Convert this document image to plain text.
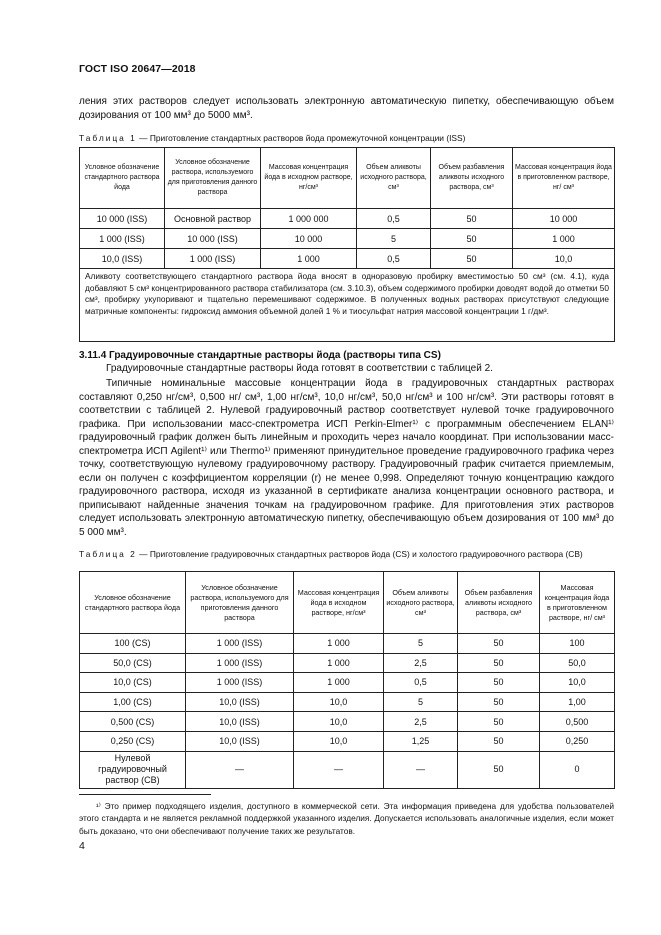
ГОСТ ISO 20647—2018
ления этих растворов следует использовать электронную автоматическую пипетку, обеспечивающую объем дозирования от 100 мм³ до 5000 мм³.
Таблица 1 — Приготовление стандартных растворов йода промежуточной концентрации (ISS)
Условное обозначение стандартного раствора йода	Условное обозначение раствора, используемого для приготовления данного раствора	Массовая концентрация йода в исходном растворе, нг/см³	Объем аликвоты исходного раствора, см³	Объем разбавления аликвоты исходного раствора, см³	Массовая концентрация йода в приготовленном растворе, нг/ см³
10 000 (ISS)	Основной раствор	1 000 000	0,5	50	10 000
1 000 (ISS)	10 000 (ISS)	10 000	5	50	1 000
10,0 (ISS)	1 000 (ISS)	1 000	0,5	50	10,0
Аликвоту соответствующего стандартного раствора йода вносят в одноразовую пробирку вместимостью 50 см³ (см. 4.1), куда добавляют 5 см³ концентрированного раствора стабилизатора (см. 3.10.3), объем содержимого пробирки доводят водой до отметки 50 см³, пробирку укупоривают и тщательно перемешивают содержимое. В полученных водных растворах присутствуют следующие матричные компоненты: гидроксид аммония объемной долей 1 % и тиосульфат натрия массовой концентрации 1 г/дм³.					
3.11.4 Градуировочные стандартные растворы йода (растворы типа CS)
Градуировочные стандартные растворы йода готовят в соответствии с таблицей 2.
Типичные номинальные массовые концентрации йода в градуировочных стандартных растворах составляют 0,250 нг/см³, 0,500 нг/ см³, 1,00 нг/см³, 10,0 нг/см³, 50,0 нг/см³ и 100 нг/см³. Эти растворы готовят в соответствии с таблицей 2. Нулевой градуировочный раствор соответствует нулевой точке градуировочного графика. При использовании масс-спектрометра ИСП Perkin-Elmer¹⁾ с программным обеспечением ELAN¹⁾ градуировочный график должен быть линейным и проходить через начало координат. При использовании масс-спектрометра ИСП Agilent¹⁾ или Thermo¹⁾ применяют принудительное проведение градуировочного графика через точку, соответствующую нулевому градуировочному раствору. Градуировочный график считается приемлемым, если он получен с коэффициентом корреляции (r) не менее 0,998. Определяют точную концентрацию каждого градуировочного раствора, исходя из указанной в сертификате анализа концентрации основного раствора, и приписывают найденные значения точкам на градуировочном графике. Для приготовления этих растворов следует использовать электронную автоматическую пипетку, обеспечивающую объем дозирования от 100 мм³ до 5 000 мм³.
Таблица 2 — Приготовление градуировочных стандартных растворов йода (CS) и холостого градуировочного раствора (CB)
Условное обозначение стандартного раствора йода	Условное обозначение раствора, используемого для приготовления данного раствора	Массовая концентрация йода в исходном растворе, нг/см³	Объем аликвоты исходного раствора, см³	Объем разбавления аликвоты исходного раствора, см³	Массовая концентрация йода в приготовленном растворе, нг/ см³
100 (CS)	1 000 (ISS)	1 000	5	50	100
50,0 (CS)	1 000 (ISS)	1 000	2,5	50	50,0
10,0 (CS)	1 000 (ISS)	1 000	0,5	50	10,0
1,00 (CS)	10,0 (ISS)	10,0	5	50	1,00
0,500 (CS)	10,0 (ISS)	10,0	2,5	50	0,500
0,250 (CS)	10,0 (ISS)	10,0	1,25	50	0,250
Нулевой градуировочный раствор (CB)	—	—	—	50	0
¹⁾ Это пример подходящего изделия, доступного в коммерческой сети. Эта информация приведена для удобства пользователей этого стандарта и не является рекламной поддержкой указанного изделия. Допускается использовать аналогичные изделия, если может быть доказано, что они обеспечивают получение таких же результатов.
4
